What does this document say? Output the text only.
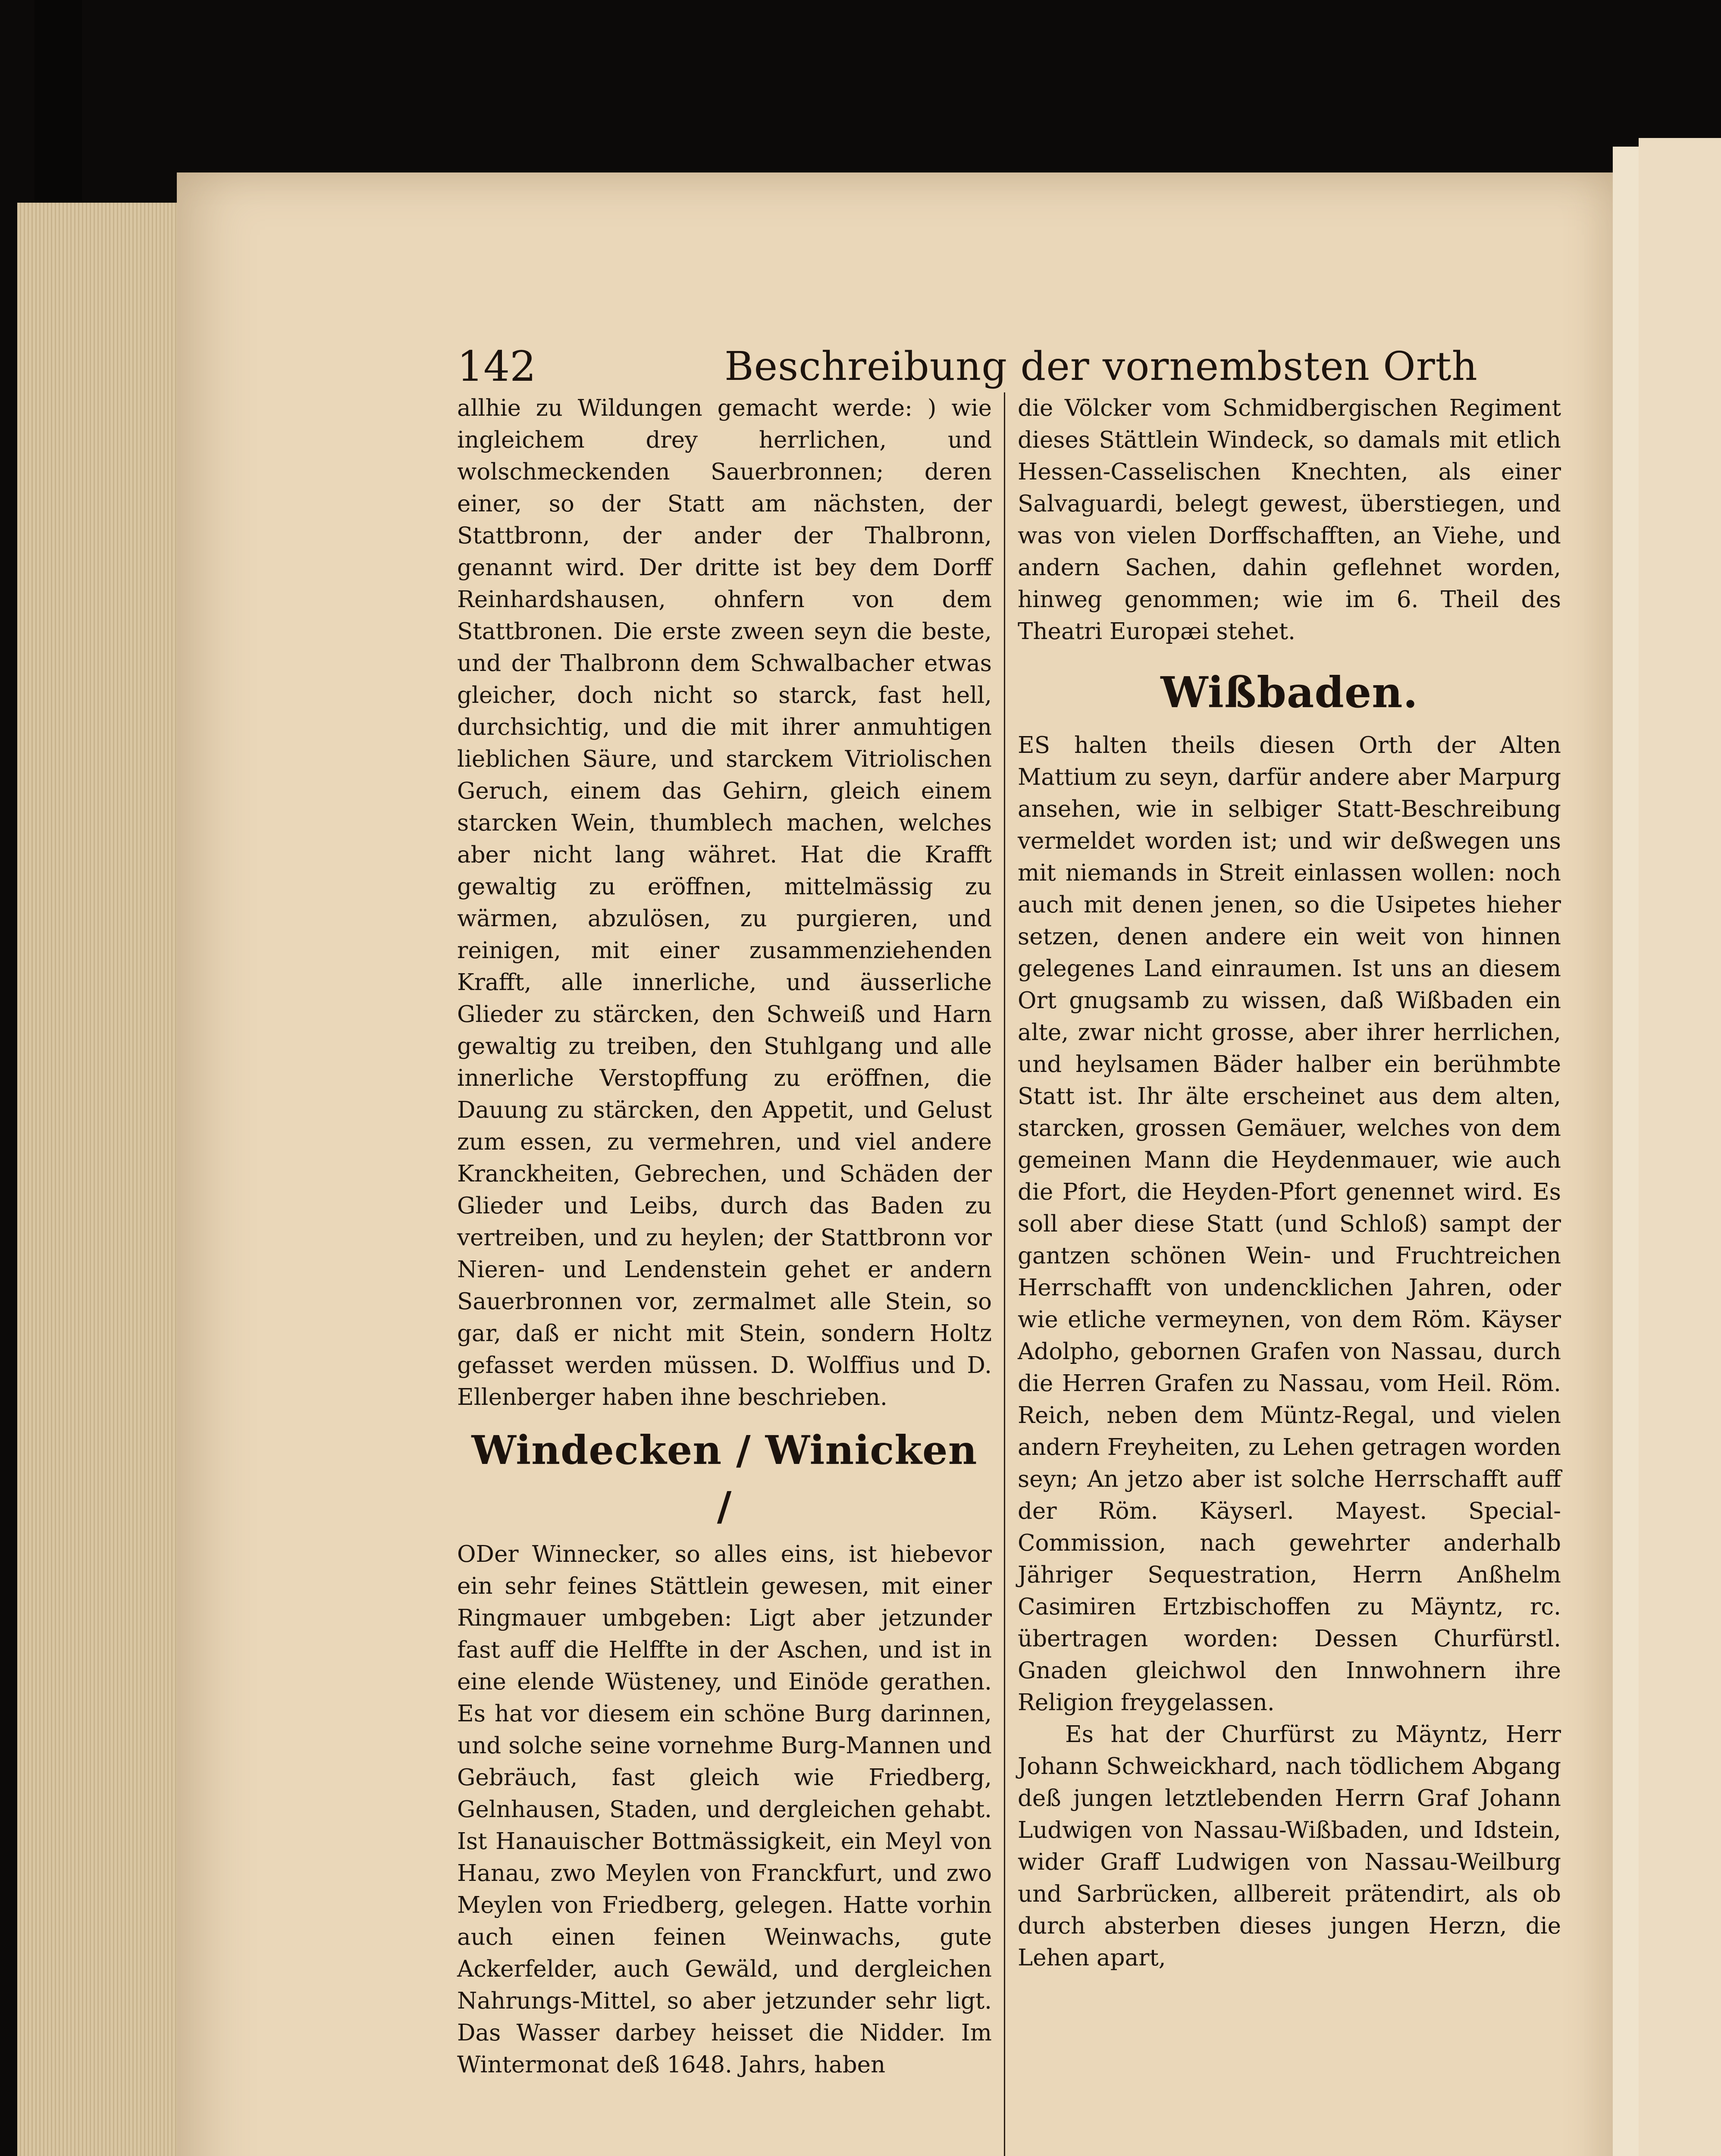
142	Beschreibung der vornembsten Orth

allhie zu Wildungen gemacht werde: ) wie ingleichem drey herrlichen, und wolschmeckenden Sauerbronnen; deren einer, so der Statt am nächsten, der Stattbronn, der ander der Thalbronn, genannt wird. Der dritte ist bey dem Dorff Reinhardshausen, ohnfern von dem Stattbronen. Die erste zween seyn die beste, und der Thalbronn dem Schwalbacher etwas gleicher, doch nicht so starck, fast hell, durchsichtig, und die mit ihrer anmuhtigen lieblichen Säure, und starckem Vitriolischen Geruch, einem das Gehirn, gleich einem starcken Wein, thumblech machen, welches aber nicht lang währet. Hat die Krafft gewaltig zu eröffnen, mittelmässig zu wärmen, abzulösen, zu purgieren, und reinigen, mit einer zusammenziehenden Krafft, alle innerliche, und äusserliche Glieder zu stärcken, den Schweiß und Harn gewaltig zu treiben, den Stuhlgang und alle innerliche Verstopffung zu eröffnen, die Dauung zu stärcken, den Appetit, und Gelust zum essen, zu vermehren, und viel andere Kranckheiten, Gebrechen, und Schäden der Glieder und Leibs, durch das Baden zu vertreiben, und zu heylen; der Stattbronn vor Nieren- und Lendenstein gehet er andern Sauerbronnen vor, zermalmet alle Stein, so gar, daß er nicht mit Stein, sondern Holtz gefasset werden müssen. D. Wolffius und D. Ellenberger haben ihne beschrieben.

Windecken / Winicken /

ODer Winnecker, so alles eins, ist hiebevor ein sehr feines Stättlein gewesen, mit einer Ringmauer umbgeben: Ligt aber jetzunder fast auff die Helffte in der Aschen, und ist in eine elende Wüsteney, und Einöde gerathen. Es hat vor diesem ein schöne Burg darinnen, und solche seine vornehme Burg-Mannen und Gebräuch, fast gleich wie Friedberg, Gelnhausen, Staden, und dergleichen gehabt. Ist Hanauischer Bottmässigkeit, ein Meyl von Hanau, zwo Meylen von Franckfurt, und zwo Meylen von Friedberg, gelegen. Hatte vorhin auch einen feinen Weinwachs, gute Ackerfelder, auch Gewäld, und dergleichen Nahrungs-Mittel, so aber jetzunder sehr ligt. Das Wasser darbey heisset die Nidder. Im Wintermonat deß 1648. Jahrs, haben

die Völcker vom Schmidbergischen Regiment dieses Stättlein Windeck, so damals mit etlich Hessen-Casselischen Knechten, als einer Salvaguardi, belegt gewest, überstiegen, und was von vielen Dorffschafften, an Viehe, und andern Sachen, dahin geflehnet worden, hinweg genommen; wie im 6. Theil des Theatri Europæi stehet.

Wißbaden.

ES halten theils diesen Orth der Alten Mattium zu seyn, darfür andere aber Marpurg ansehen, wie in selbiger Statt-Beschreibung vermeldet worden ist; und wir deßwegen uns mit niemands in Streit einlassen wollen: noch auch mit denen jenen, so die Usipetes hieher setzen, denen andere ein weit von hinnen gelegenes Land einraumen. Ist uns an diesem Ort gnugsamb zu wissen, daß Wißbaden ein alte, zwar nicht grosse, aber ihrer herrlichen, und heylsamen Bäder halber ein berühmbte Statt ist. Ihr älte erscheinet aus dem alten, starcken, grossen Gemäuer, welches von dem gemeinen Mann die Heydenmauer, wie auch die Pfort, die Heyden-Pfort genennet wird. Es soll aber diese Statt (und Schloß) sampt der gantzen schönen Wein- und Fruchtreichen Herrschafft von undencklichen Jahren, oder wie etliche vermeynen, von dem Röm. Käyser Adolpho, gebornen Grafen von Nassau, durch die Herren Grafen zu Nassau, vom Heil. Röm. Reich, neben dem Müntz-Regal, und vielen andern Freyheiten, zu Lehen getragen worden seyn; An jetzo aber ist solche Herrschafft auff der Röm. Käyserl. Mayest. Special-Commission, nach gewehrter anderhalb Jähriger Sequestration, Herrn Anßhelm Casimiren Ertzbischoffen zu Mäyntz, rc. übertragen worden: Dessen Churfürstl. Gnaden gleichwol den Innwohnern ihre Religion freygelassen.

Es hat der Churfürst zu Mäyntz, Herr Johann Schweickhard, nach tödlichem Abgang deß jungen letztlebenden Herrn Graf Johann Ludwigen von Nassau-Wißbaden, und Idstein, wider Graff Ludwigen von Nassau-Weilburg und Sarbrücken, allbereit prätendirt, als ob durch absterben dieses jungen Herzn, die Lehen apart,
